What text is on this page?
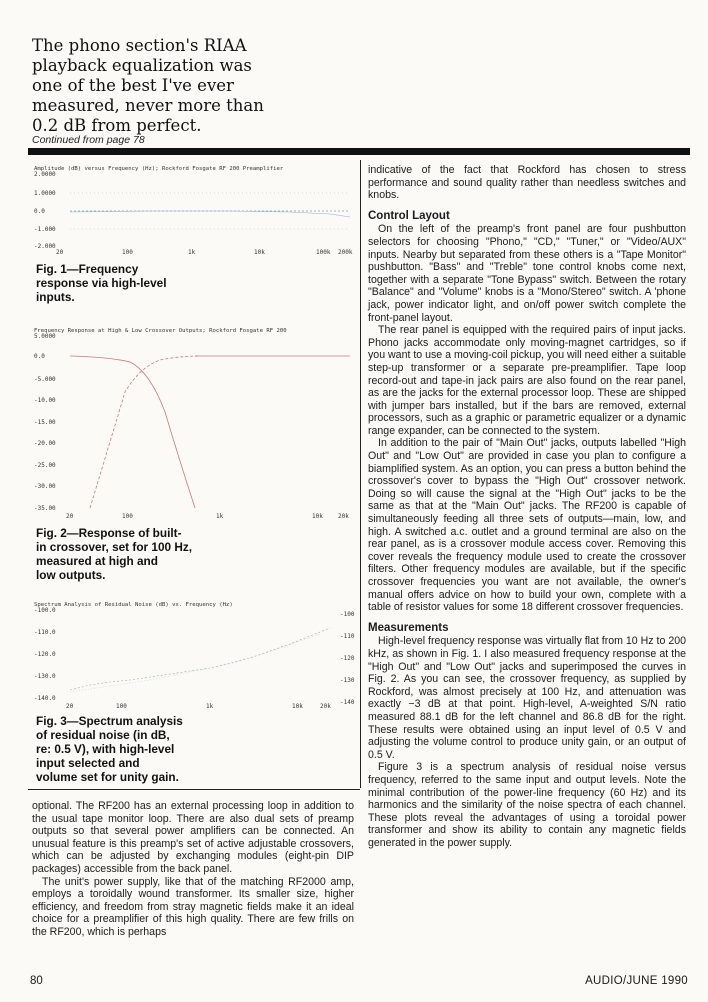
The phono section's RIAA
playback equalization was
one of the best I've ever
measured, never more than
0.2 dB from perfect.
Continued from page 78
Amplitude (dB) versus Frequency (Hz); Rockford Fosgate RF 200 Preamplifier
2.0000
1.0000
0.0
-1.000
-2.000
20	100	1k	10k	100k 200k
Fig. 1—Frequency
response via high-level
inputs.
Frequency Response at High & Low Crossover Outputs; Rockford Fosgate RF 200
5.0000
0.0
-5.000
-10.00
-15.00
-20.00
-25.00
-30.00
-35.00
20	100	1k	10k	20k
Fig. 2—Response of built-
in crossover, set for 100 Hz,
measured at high and
low outputs.
Spectrum Analysis of Residual Noise (dB) vs. Frequency (Hz)
-100.0
-110.0
-120.0
-130.0
-140.0
-100
-110
-120
-130
-140
20	100	1k	10k	20k
Fig. 3—Spectrum analysis
of residual noise (in dB,
re: 0.5 V), with high-level
input selected and
volume set for unity gain.

optional. The RF200 has an external processing loop in addition to the usual tape monitor loop. There are also dual sets of preamp outputs so that several power amplifiers can be connected. An unusual feature is this preamp's set of active adjustable crossovers, which can be adjusted by exchanging modules (eight-pin DIP packages) accessible from the back panel.

The unit's power supply, like that of the matching RF2000 amp, employs a toroidally wound transformer. Its smaller size, higher efficiency, and freedom from stray magnetic fields make it an ideal choice for a preamplifier of this high quality. There are few frills on the RF200, which is perhaps

indicative of the fact that Rockford has chosen to stress performance and sound quality rather than needless switches and knobs.

Control Layout

On the left of the preamp's front panel are four pushbutton selectors for choosing "Phono," "CD," "Tuner," or "Video/AUX" inputs. Nearby but separated from these others is a "Tape Monitor" pushbutton. "Bass" and "Treble" tone control knobs come next, together with a separate "Tone Bypass" switch. Between the rotary "Balance" and "Volume" knobs is a "Mono/Stereo" switch. A 'phone jack, power indicator light, and on/off power switch complete the front-panel layout.

The rear panel is equipped with the required pairs of input jacks. Phono jacks accommodate only moving-magnet cartridges, so if you want to use a moving-coil pickup, you will need either a suitable step-up transformer or a separate pre-preamplifier. Tape loop record-out and tape-in jack pairs are also found on the rear panel, as are the jacks for the external processor loop. These are shipped with jumper bars installed, but if the bars are removed, external processors, such as a graphic or parametric equalizer or a dynamic range expander, can be connected to the system.

In addition to the pair of "Main Out" jacks, outputs labelled "High Out" and "Low Out" are provided in case you plan to configure a biamplified system. As an option, you can press a button behind the crossover's cover to bypass the "High Out" crossover network. Doing so will cause the signal at the "High Out" jacks to be the same as that at the "Main Out" jacks. The RF200 is capable of simultaneously feeding all three sets of outputs—main, low, and high. A switched a.c. outlet and a ground terminal are also on the rear panel, as is a crossover module access cover. Removing this cover reveals the frequency module used to create the crossover filters. Other frequency modules are available, but if the specific crossover frequencies you want are not available, the owner's manual offers advice on how to build your own, complete with a table of resistor values for some 18 different crossover frequencies.

Measurements

High-level frequency response was virtually flat from 10 Hz to 200 kHz, as shown in Fig. 1. I also measured frequency response at the "High Out" and "Low Out" jacks and superimposed the curves in Fig. 2. As you can see, the crossover frequency, as supplied by Rockford, was almost precisely at 100 Hz, and attenuation was exactly −3 dB at that point. High-level, A-weighted S/N ratio measured 88.1 dB for the left channel and 86.8 dB for the right. These results were obtained using an input level of 0.5 V and adjusting the volume control to produce unity gain, or an output of 0.5 V.

Figure 3 is a spectrum analysis of residual noise versus frequency, referred to the same input and output levels. Note the minimal contribution of the power-line frequency (60 Hz) and its harmonics and the similarity of the noise spectra of each channel. These plots reveal the advantages of using a toroidal power transformer and show its ability to contain any magnetic fields generated in the power supply.

80	AUDIO/JUNE 1990
